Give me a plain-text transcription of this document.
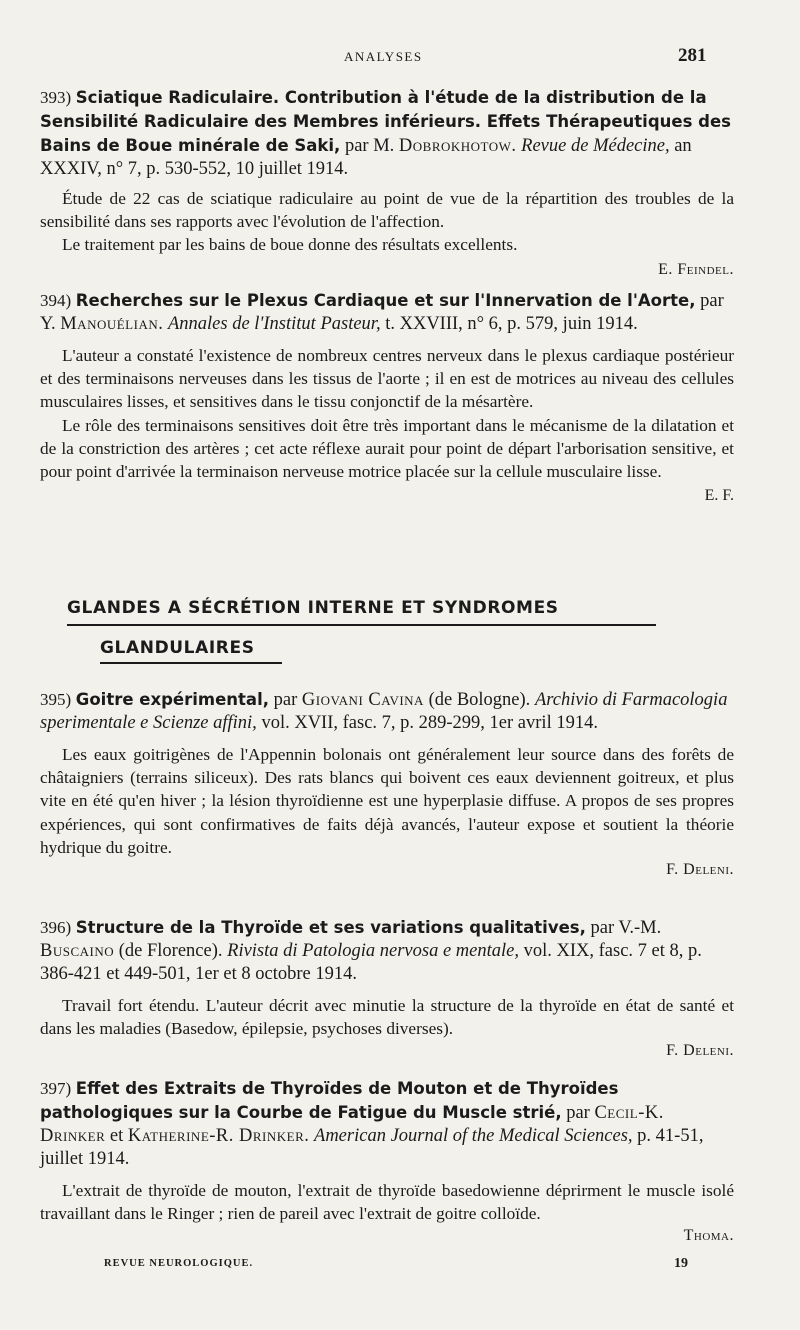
ANALYSES	281
393) Sciatique Radiculaire. Contribution à l'étude de la distribution de la Sensibilité Radiculaire des Membres inférieurs. Effets Thérapeutiques des Bains de Boue minérale de Saki, par M. Dobrokhotow. Revue de Médecine, an XXXIV, n° 7, p. 530-552, 10 juillet 1914.

Étude de 22 cas de sciatique radiculaire au point de vue de la répartition des troubles de la sensibilité dans ses rapports avec l'évolution de l'affection.

Le traitement par les bains de boue donne des résultats excellents.

E. Feindel.
394) Recherches sur le Plexus Cardiaque et sur l'Innervation de l'Aorte, par Y. Manouélian. Annales de l'Institut Pasteur, t. XXVIII, n° 6, p. 579, juin 1914.

L'auteur a constaté l'existence de nombreux centres nerveux dans le plexus cardiaque postérieur et des terminaisons nerveuses dans les tissus de l'aorte ; il en est de motrices au niveau des cellules musculaires lisses, et sensitives dans le tissu conjonctif de la mésartère.

Le rôle des terminaisons sensitives doit être très important dans le mécanisme de la dilatation et de la constriction des artères ; cet acte réflexe aurait pour point de départ l'arborisation sensitive, et pour point d'arrivée la terminaison nerveuse motrice placée sur la cellule musculaire lisse.

E. F.
GLANDES A SÉCRÉTION INTERNE ET SYNDROMES
GLANDULAIRES
395) Goitre expérimental, par Giovani Cavina (de Bologne). Archivio di Farmacologia sperimentale e Scienze affini, vol. XVII, fasc. 7, p. 289-299, 1er avril 1914.

Les eaux goitrigènes de l'Appennin bolonais ont généralement leur source dans des forêts de châtaigniers (terrains siliceux). Des rats blancs qui boivent ces eaux deviennent goitreux, et plus vite en été qu'en hiver ; la lésion thyroïdienne est une hyperplasie diffuse. A propos de ses propres expériences, qui sont confirmatives de faits déjà avancés, l'auteur expose et soutient la théorie hydrique du goitre.

F. Deleni.
396) Structure de la Thyroïde et ses variations qualitatives, par V.-M. Buscaino (de Florence). Rivista di Patologia nervosa e mentale, vol. XIX, fasc. 7 et 8, p. 386-421 et 449-501, 1er et 8 octobre 1914.

Travail fort étendu. L'auteur décrit avec minutie la structure de la thyroïde en état de santé et dans les maladies (Basedow, épilepsie, psychoses diverses).

F. Deleni.
397) Effet des Extraits de Thyroïdes de Mouton et de Thyroïdes pathologiques sur la Courbe de Fatigue du Muscle strié, par Cecil-K. Drinker et Katherine-R. Drinker. American Journal of the Medical Sciences, p. 41-51, juillet 1914.

L'extrait de thyroïde de mouton, l'extrait de thyroïde basedowienne déprirment le muscle isolé travaillant dans le Ringer ; rien de pareil avec l'extrait de goitre colloïde.

Thoma.
REVUE NEUROLOGIQUE.	19
